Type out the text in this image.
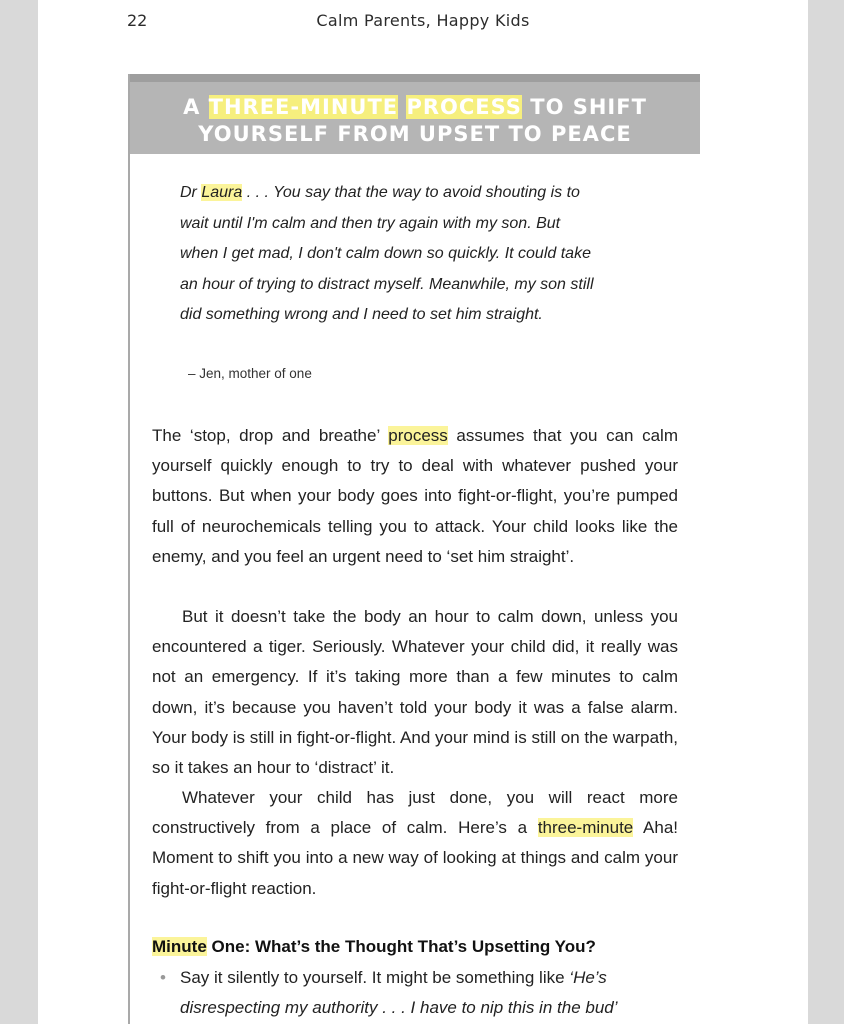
22	Calm Parents, Happy Kids
A THREE-MINUTE PROCESS TO SHIFT
YOURSELF FROM UPSET TO PEACE

Dr Laura . . . You say that the way to avoid shouting is to
wait until I'm calm and then try again with my son. But
when I get mad, I don't calm down so quickly. It could take
an hour of trying to distract myself. Meanwhile, my son still
did something wrong and I need to set him straight.

– Jen, mother of one

The ‘stop, drop and breathe’ process assumes that you can calm yourself quickly enough to try to deal with whatever pushed your buttons. But when your body goes into fight-or-flight, you’re pumped full of neurochemicals telling you to attack. Your child looks like the enemy, and you feel an urgent need to ‘set him straight’.

But it doesn’t take the body an hour to calm down, unless you encountered a tiger. Seriously. Whatever your child did, it really was not an emergency. If it’s taking more than a few minutes to calm down, it’s because you haven’t told your body it was a false alarm. Your body is still in fight-or-flight. And your mind is still on the warpath, so it takes an hour to ‘distract’ it.

Whatever your child has just done, you will react more constructively from a place of calm. Here’s a three-minute Aha! Moment to shift you into a new way of looking at things and calm your fight-or-flight reaction.

Minute One: What’s the Thought That’s Upsetting You?
• Say it silently to yourself. It might be something like ‘He’s disrespecting my authority . . . I have to nip this in the bud’
